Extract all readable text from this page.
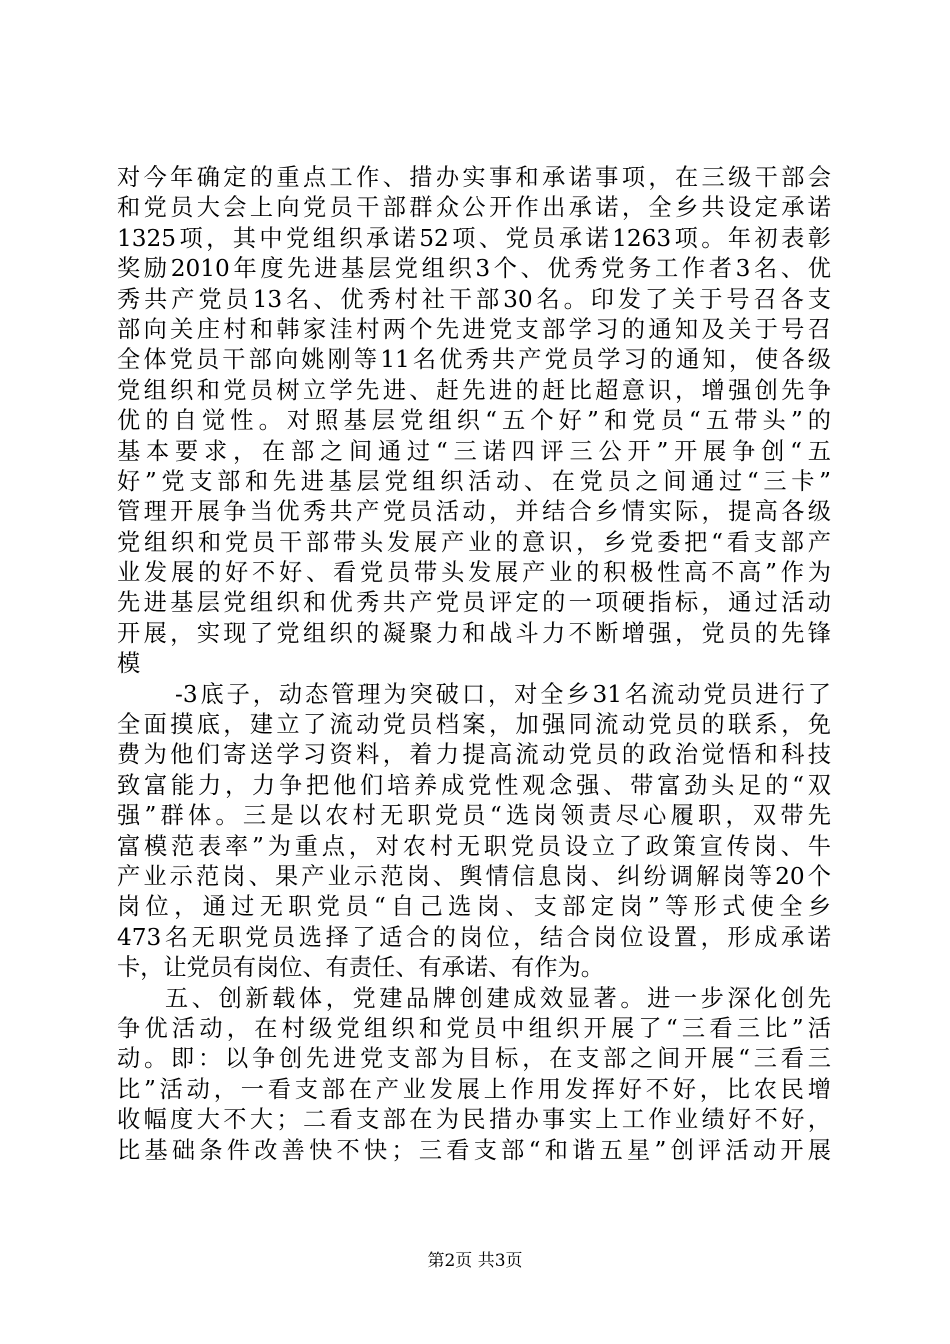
对今年确定的重点工作、措办实事和承诺事项，在三级干部会
和党员大会上向党员干部群众公开作出承诺，全乡共设定承诺
1325项，其中党组织承诺52项、党员承诺1263项。年初表彰
奖励2010年度先进基层党组织3个、优秀党务工作者3名、优
秀共产党员13名、优秀村社干部30名。印发了关于号召各支
部向关庄村和韩家洼村两个先进党支部学习的通知及关于号召
全体党员干部向姚刚等11名优秀共产党员学习的通知，使各级
党组织和党员树立学先进、赶先进的赶比超意识，增强创先争
优的自觉性。对照基层党组织“五个好”和党员“五带头”的
基本要求，在部之间通过“三诺四评三公开”开展争创“五
好”党支部和先进基层党组织活动、在党员之间通过“三卡”
管理开展争当优秀共产党员活动，并结合乡情实际，提高各级
党组织和党员干部带头发展产业的意识，乡党委把“看支部产
业发展的好不好、看党员带头发展产业的积极性高不高”作为
先进基层党组织和优秀共产党员评定的一项硬指标，通过活动
开展，实现了党组织的凝聚力和战斗力不断增强，党员的先锋
模
-3底子，动态管理为突破口，对全乡31名流动党员进行了
全面摸底，建立了流动党员档案，加强同流动党员的联系，免
费为他们寄送学习资料，着力提高流动党员的政治觉悟和科技
致富能力，力争把他们培养成党性观念强、带富劲头足的“双
强”群体。三是以农村无职党员“选岗领责尽心履职，双带先
富模范表率”为重点，对农村无职党员设立了政策宣传岗、牛
产业示范岗、果产业示范岗、舆情信息岗、纠纷调解岗等20个
岗位，通过无职党员“自己选岗、支部定岗”等形式使全乡
473名无职党员选择了适合的岗位，结合岗位设置，形成承诺
卡，让党员有岗位、有责任、有承诺、有作为。
五、创新载体，党建品牌创建成效显著。进一步深化创先
争优活动，在村级党组织和党员中组织开展了“三看三比”活
动。即：以争创先进党支部为目标，在支部之间开展“三看三
比”活动，一看支部在产业发展上作用发挥好不好，比农民增
收幅度大不大；二看支部在为民措办事实上工作业绩好不好，
比基础条件改善快不快；三看支部“和谐五星”创评活动开展
第2页 共3页
